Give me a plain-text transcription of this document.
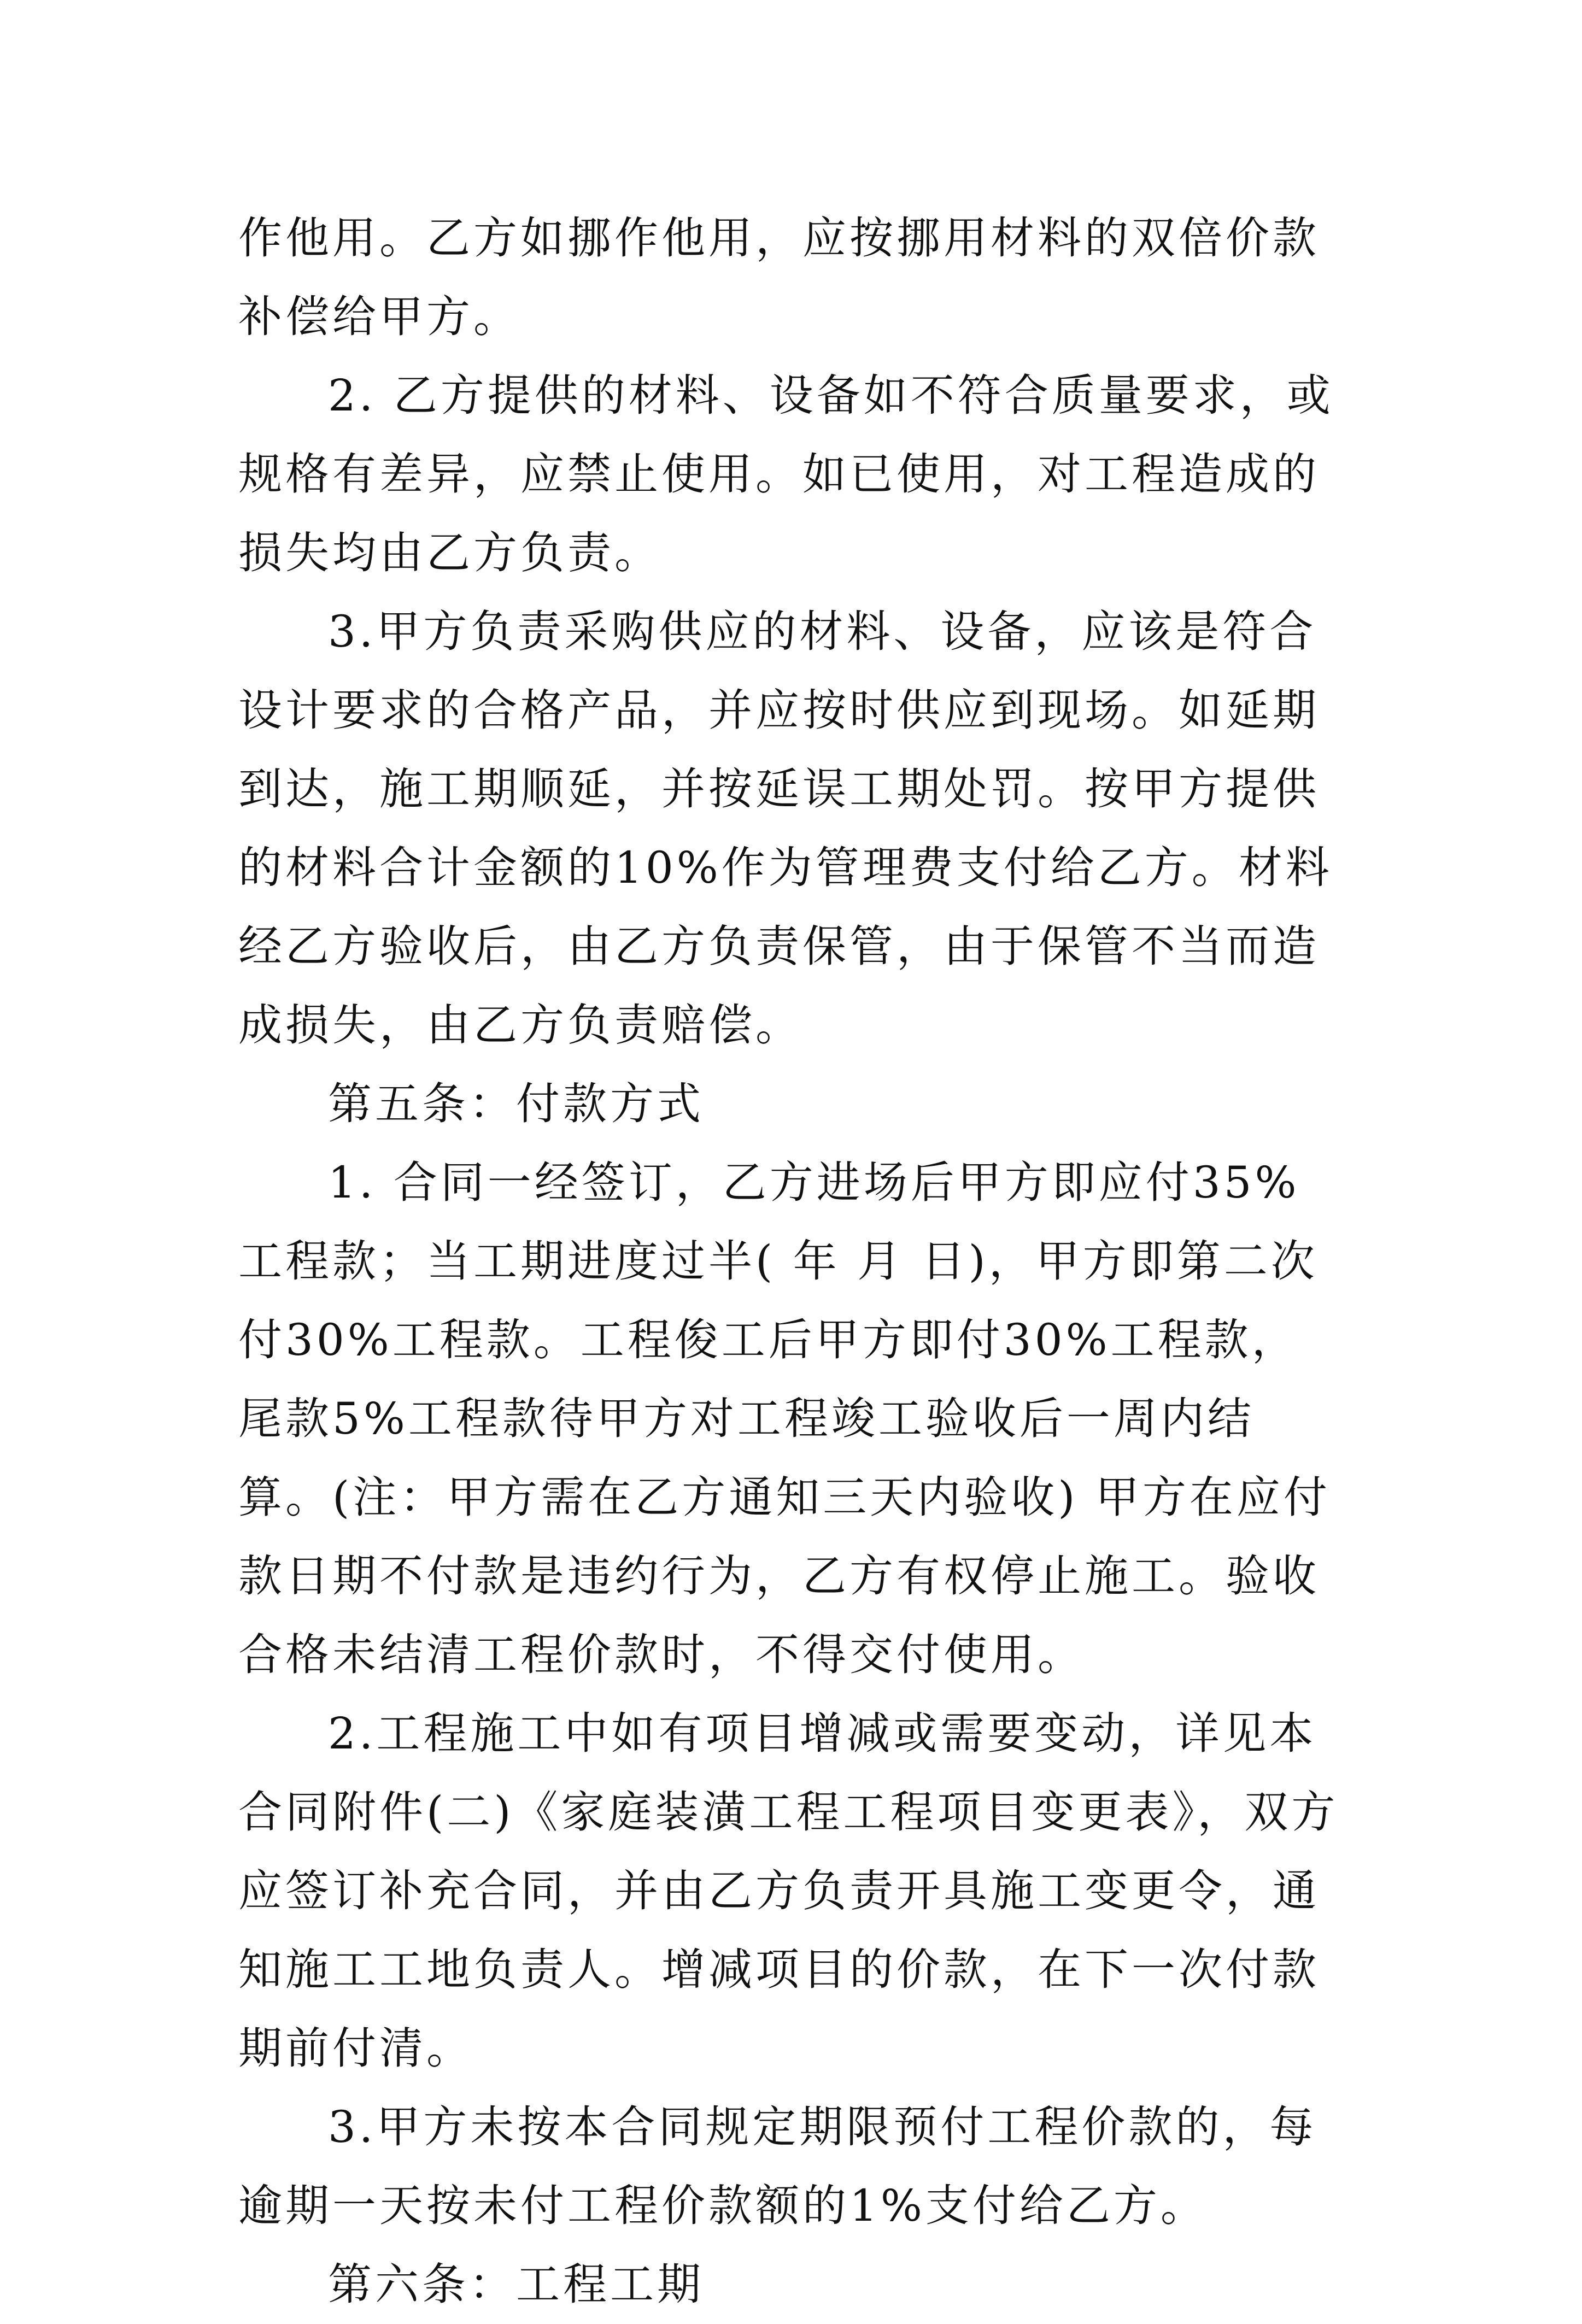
作他用。乙方如挪作他用，应按挪用材料的双倍价款补偿给甲方。

2. 乙方提供的材料、设备如不符合质量要求，或规格有差异，应禁止使用。如已使用，对工程造成的损失均由乙方负责。

3.甲方负责采购供应的材料、设备，应该是符合设计要求的合格产品，并应按时供应到现场。如延期到达，施工期顺延，并按延误工期处罚。按甲方提供的材料合计金额的10%作为管理费支付给乙方。材料经乙方验收后，由乙方负责保管，由于保管不当而造成损失，由乙方负责赔偿。

第五条：付款方式

1. 合同一经签订，乙方进场后甲方即应付35%工程款；当工期进度过半( 年 月 日)，甲方即第二次付30%工程款。工程俊工后甲方即付30%工程款，尾款5%工程款待甲方对工程竣工验收后一周内结算。(注：甲方需在乙方通知三天内验收) 甲方在应付款日期不付款是违约行为，乙方有权停止施工。验收合格未结清工程价款时，不得交付使用。

2.工程施工中如有项目增减或需要变动，详见本合同附件(二)《家庭装潢工程工程项目变更表》，双方应签订补充合同，并由乙方负责开具施工变更令，通知施工工地负责人。增减项目的价款，在下一次付款期前付清。

3.甲方未按本合同规定期限预付工程价款的，每逾期一天按未付工程价款额的1%支付给乙方。

第六条：工程工期
